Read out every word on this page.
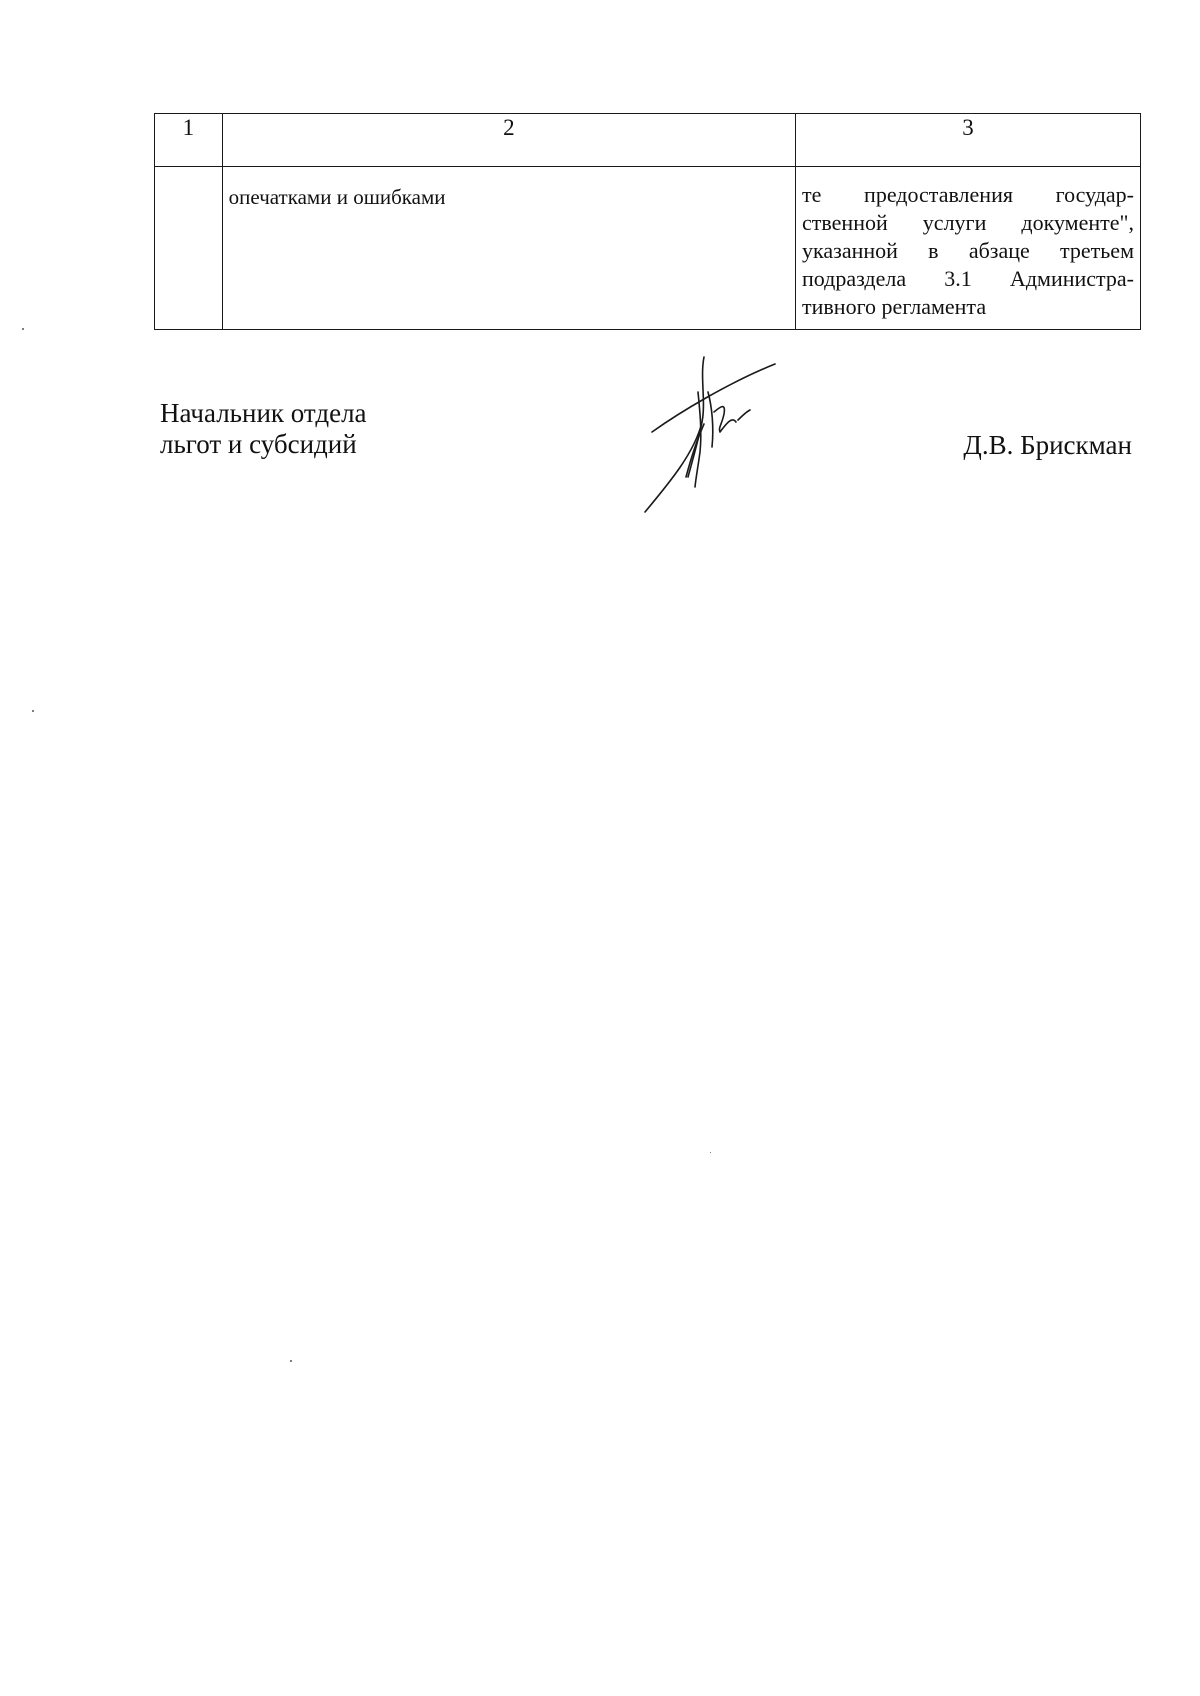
1	2	3

	опечатками и ошибками	те предоставления государ-
ственной услуги документе",
указанной в абзаце третьем
подраздела 3.1 Администра-
тивного регламента
Начальник отдела
льгот и субсидий	Д.В. Брискман
